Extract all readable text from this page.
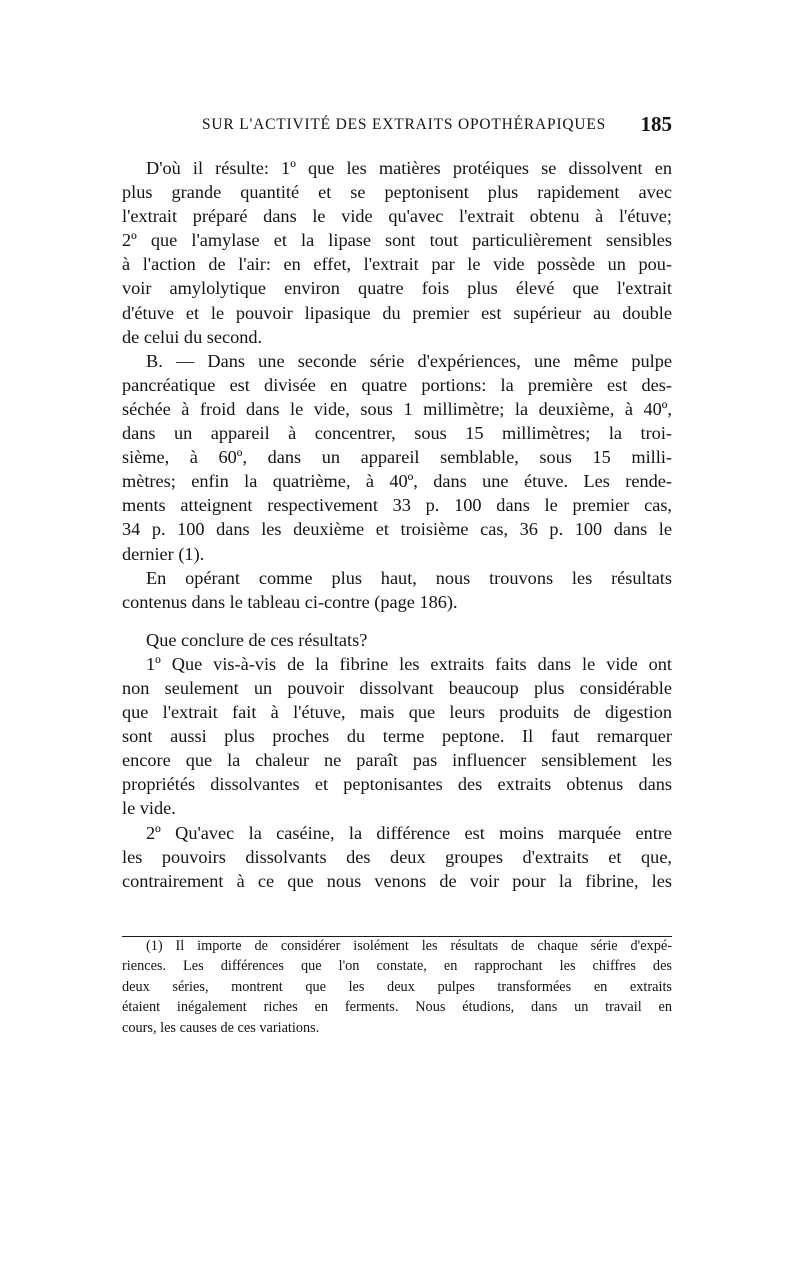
SUR L'ACTIVITÉ DES EXTRAITS OPOTHÉRAPIQUES 185
D'où il résulte: 1º que les matières protéiques se dissolvent en
plus grande quantité et se peptonisent plus rapidement avec
l'extrait préparé dans le vide qu'avec l'extrait obtenu à l'étuve;
2º que l'amylase et la lipase sont tout particulièrement sensibles
à l'action de l'air: en effet, l'extrait par le vide possède un pou-
voir amylolytique environ quatre fois plus élevé que l'extrait
d'étuve et le pouvoir lipasique du premier est supérieur au double
de celui du second.
B. — Dans une seconde série d'expériences, une même pulpe
pancréatique est divisée en quatre portions: la première est des-
séchée à froid dans le vide, sous 1 millimètre; la deuxième, à 40º,
dans un appareil à concentrer, sous 15 millimètres; la troi-
sième, à 60º, dans un appareil semblable, sous 15 milli-
mètres; enfin la quatrième, à 40º, dans une étuve. Les rende-
ments atteignent respectivement 33 p. 100 dans le premier cas,
34 p. 100 dans les deuxième et troisième cas, 36 p. 100 dans le
dernier (1).
En opérant comme plus haut, nous trouvons les résultats
contenus dans le tableau ci-contre (page 186).
Que conclure de ces résultats?
1º Que vis-à-vis de la fibrine les extraits faits dans le vide ont
non seulement un pouvoir dissolvant beaucoup plus considérable
que l'extrait fait à l'étuve, mais que leurs produits de digestion
sont aussi plus proches du terme peptone. Il faut remarquer
encore que la chaleur ne paraît pas influencer sensiblement les
propriétés dissolvantes et peptonisantes des extraits obtenus dans
le vide.
2º Qu'avec la caséine, la différence est moins marquée entre
les pouvoirs dissolvants des deux groupes d'extraits et que,
contrairement à ce que nous venons de voir pour la fibrine, les
(1) Il importe de considérer isolément les résultats de chaque série d'expé-
riences. Les différences que l'on constate, en rapprochant les chiffres des
deux séries, montrent que les deux pulpes transformées en extraits
étaient inégalement riches en ferments. Nous étudions, dans un travail en
cours, les causes de ces variations.
